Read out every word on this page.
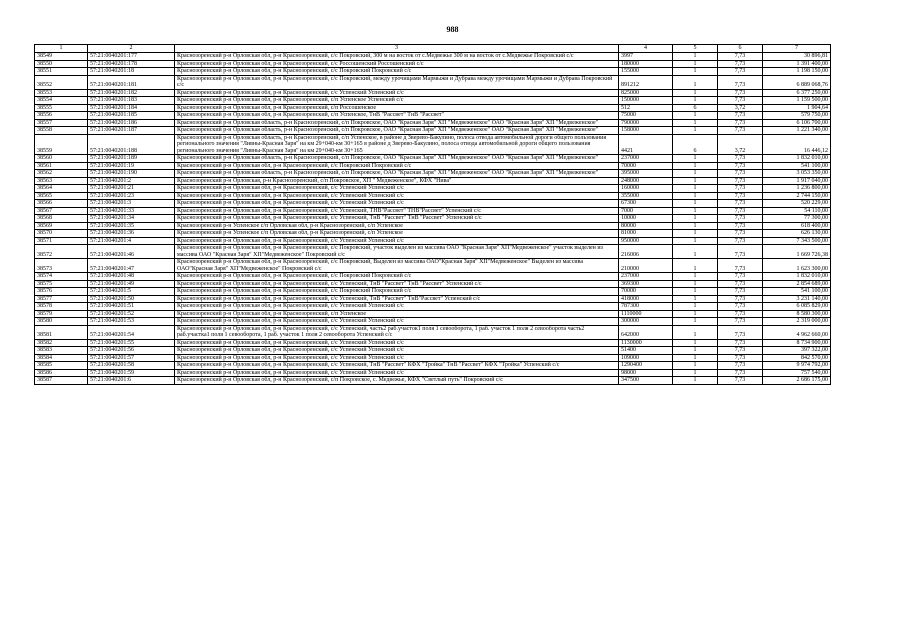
988
1	2	3	4	5	6	7
38549	57:21:0040201:177	Краснозоренский р-н Орловская обл, р-н Краснозоренский, с/с Покровский, 300 м на восток от с.Медвежье 300 м на восток от с.Медвежье Покровский с/с	3997	1	7,73	30 896,81
38550	57:21:0040201:178	Краснозоренский р-н Орловская обл, р-н Краснозоренский, с/с Россошенский Россошенский с/с	180000	1	7,73	1 391 400,00
38551	57:21:0040201:18	Краснозоренский р-н Орловская обл, р-н Краснозоренский, с/с Покровский Покровский с/с	155000	1	7,73	1 198 150,00
38552	57:21:0040201:181	Краснозоренский р-н Орловская обл, р-н Краснозоренский, с/с Покровский, между урочищами Мармыжи и Дубрава между урочищами Мармыжи и Дубрава Покровский с/с	891212	1	7,73	6 889 068,76
38553	57:21:0040201:182	Краснозоренский р-н Орловская обл, р-н Краснозоренский, с/с Успенский Успенский с/с	825000	1	7,73	6 377 250,00
38554	57:21:0040201:183	Краснозоренский р-н Орловская обл, р-н Краснозоренский, с/п Успенское Успенский с/с	150000	1	7,73	1 159 500,00
38555	57:21:0040201:184	Краснозоренский р-н Орловская обл, р-н Краснозоренский, с/п Россошенское	512	6	3,72	1 904,64
38556	57:21:0040201:185	Краснозоренский р-н Орловская обл, р-н Краснозоренский, с/п Успенское, ТнВ "Рассвет" ТнВ "Рассвет"	75000	1	7,73	579 750,00
38557	57:21:0040201:186	Краснозоренский р-н Орловская область, р-н Краснозоренский, с/п Покровское, ОАО "Красная Заря" ХП "Медвеженское" ОАО "Красная Заря" ХП "Медвеженское"	790000	1	7,73	6 106 700,00
38558	57:21:0040201:187	Краснозоренский р-н Орловская область, р-н Краснозоренский, с/п Покровское, ОАО "Красная Заря" ХП "Медвеженское" ОАО "Красная Заря" ХП "Медвеженское"	158000	1	7,73	1 221 340,00
38559	57:21:0040201:188	Краснозоренский р-н Орловская область, р-н Краснозоренский, с/п Успенское, в районе д Зверево-Бакулино, полоса отвода автомобильной дороги общего пользования регионального значения "Ливны-Красная Заря" на км 29+040-км 30+165 в районе д Зверево-Бакулино, полоса отвода автомобильной дороги общего пользования регионального значения "Ливны-Красная Заря" на км 29+040-км 30+165	4421	6	3,72	16 446,12
38560	57:21:0040201:189	Краснозоренский р-н Орловская область, р-н Краснозоренский, с/п Покровское, ОАО "Красная Заря" ХП "Медвеженское" ОАО "Красная Заря" ХП "Медвеженское"	237000	1	7,73	1 832 010,00
38561	57:21:0040201:19	Краснозоренский р-н Орловская обл, р-н Краснозоренский, с/с Покровский Покровский с/с	70000	1	7,73	541 100,00
38562	57:21:0040201:190	Краснозоренский р-н Орловская область, р-н Краснозоренский, с/п Покровское, ОАО "Красная Заря" ХП "Медвеженское" ОАО "Красная Заря" ХП "Медвеженское"	395000	1	7,73	3 053 350,00
38563	57:21:0040201:2	Краснозоренский р-н Орловская, р-н Краснозоренский, с/п Покровское, ХП " Медвеженское", КФХ "Нива"	248000	1	7,73	1 917 040,00
38564	57:21:0040201:21	Краснозоренский р-н Орловская обл, р-н Краснозоренский, с/с Успенский Успенский с/с	160000	1	7,73	1 236 800,00
38565	57:21:0040201:23	Краснозоренский р-н Орловская обл, р-н Краснозоренский, с/с Успенский Успенский с/с	355000	1	7,73	2 744 150,00
38566	57:21:0040201:3	Краснозоренский р-н Орловская обл, р-н Краснозоренский, с/с Успенский Успенский с/с	67300	1	7,73	520 229,00
38567	57:21:0040201:33	Краснозоренский р-н Орловская обл, р-н Краснозоренский, с/с Успенский, ТНВ"Рассвет" ТНВ"Рассвет" Успенский с/с	7000	1	7,73	54 110,00
38568	57:21:0040201:34	Краснозоренский р-н Орловская обл, р-н Краснозоренский, с/с Успенский, ТнВ "Рассвет" ТнВ "Рассвет" Успенский с/с	10000	1	7,73	77 300,00
38569	57:21:0040201:35	Краснозоренский р-н Успенское с/п Орловская обл, р-н Краснозоренский, с/п Успенское	80000	1	7,73	618 400,00
38570	57:21:0040201:36	Краснозоренский р-н Успенское с/п Орловская обл, р-н Краснозоренский, с/п Успенское	81000	1	7,73	626 130,00
38571	57:21:0040201:4	Краснозоренский р-н Орловская обл, р-н Краснозоренский, с/с Успенский Успенский с/с	950000	1	7,73	7 343 500,00
38572	57:21:0040201:46	Краснозоренский р-н Орловская обл, р-н Краснозоренский, с/с Покровский, участок выделен из массива ОАО "Красная Заря" ХП"Медвеженское" участок выделен из массива ОАО "Красная Заря" ХП"Медвеженское" Покровский с/с	216006	1	7,73	1 669 726,38
38573	57:21:0040201:47	Краснозоренский р-н Орловская обл, р-н Краснозоренский, с/с Покровский, Выделен из массива ОАО"Красная Заря" ХП"Медвеженское" Выделен из массива ОАО"Красная Заря" ХП"Медвеженское" Покровский с/с	210000	1	7,73	1 623 300,00
38574	57:21:0040201:48	Краснозоренский р-н Орловская обл, р-н Краснозоренский, с/с Покровский Покровский с/с	237000	1	7,73	1 832 010,00
38575	57:21:0040201:49	Краснозоренский р-н Орловская обл, р-н Краснозоренский, с/с Успенский, ТнВ "Рассвет" ТнВ "Рассвет" Успенский с/с	369300	1	7,73	2 854 689,00
38576	57:21:0040201:5	Краснозоренский р-н Орловская обл, р-н Краснозоренский, с/с Покровский Покровский с/с	70000	1	7,73	541 100,00
38577	57:21:0040201:50	Краснозоренский р-н Орловская обл, р-н Краснозоренский, с/с Успенский, ТнВ "Рассвет" ТнВ"Рассвет" Успенский с/с	418000	1	7,73	3 231 140,00
38578	57:21:0040201:51	Краснозоренский р-н Орловская обл, р-н Краснозоренский, с/с Успенский Успенский с/с	787300	1	7,73	6 085 829,00
38579	57:21:0040201:52	Краснозоренский р-н Орловская обл, р-н Краснозоренский, с/п Успенское	1110000	1	7,73	8 580 300,00
38580	57:21:0040201:53	Краснозоренский р-н Орловская обл, р-н Краснозоренский, с/с Успенский Успенский с/с	300000	1	7,73	2 319 000,00
38581	57:21:0040201:54	Краснозоренский р-н Орловская обл, р-н Краснозоренский, с/с Успенский, часть2 раб.участок1 поля 1 севооборота, 1 раб. участок 1 поля 2 севооборота часть2 раб.участка1 поля 1 севооборота, 1 раб. участок 1 поля 2 севооборота Успенский с/с	642000	1	7,73	4 962 660,00
38582	57:21:0040201:55	Краснозоренский р-н Орловская обл, р-н Краснозоренский, с/с Успенский Успенский с/с	1130000	1	7,73	8 734 900,00
38583	57:21:0040201:56	Краснозоренский р-н Орловская обл, р-н Краснозоренский, с/с Успенский Успенский с/с	51400	1	7,73	397 322,00
38584	57:21:0040201:57	Краснозоренский р-н Орловская обл, р-н Краснозоренский, с/с Успенский Успенский с/с	109000	1	7,73	842 570,00
38585	57:21:0040201:58	Краснозоренский р-н Орловская обл, р-н Краснозоренский, с/с Успенский, ТнВ "Рассвет" КФХ "Тройка" ТнВ "Рассвет" КФХ "Тройка" Успенский с/с	1290400	1	7,73	9 974 792,00
38586	57:21:0040201:59	Краснозоренский р-н Орловская обл, р-н Краснозоренский, с/с Успенский Успенский с/с	98000	1	7,73	757 540,00
38587	57:21:0040201:6	Краснозоренский р-н Орловская обл, р-н Краснозоренский, с/п Покровское, с. Медвежье, КФХ "Светлый путь" Покровский с/с	347500	1	7,73	2 686 175,00
